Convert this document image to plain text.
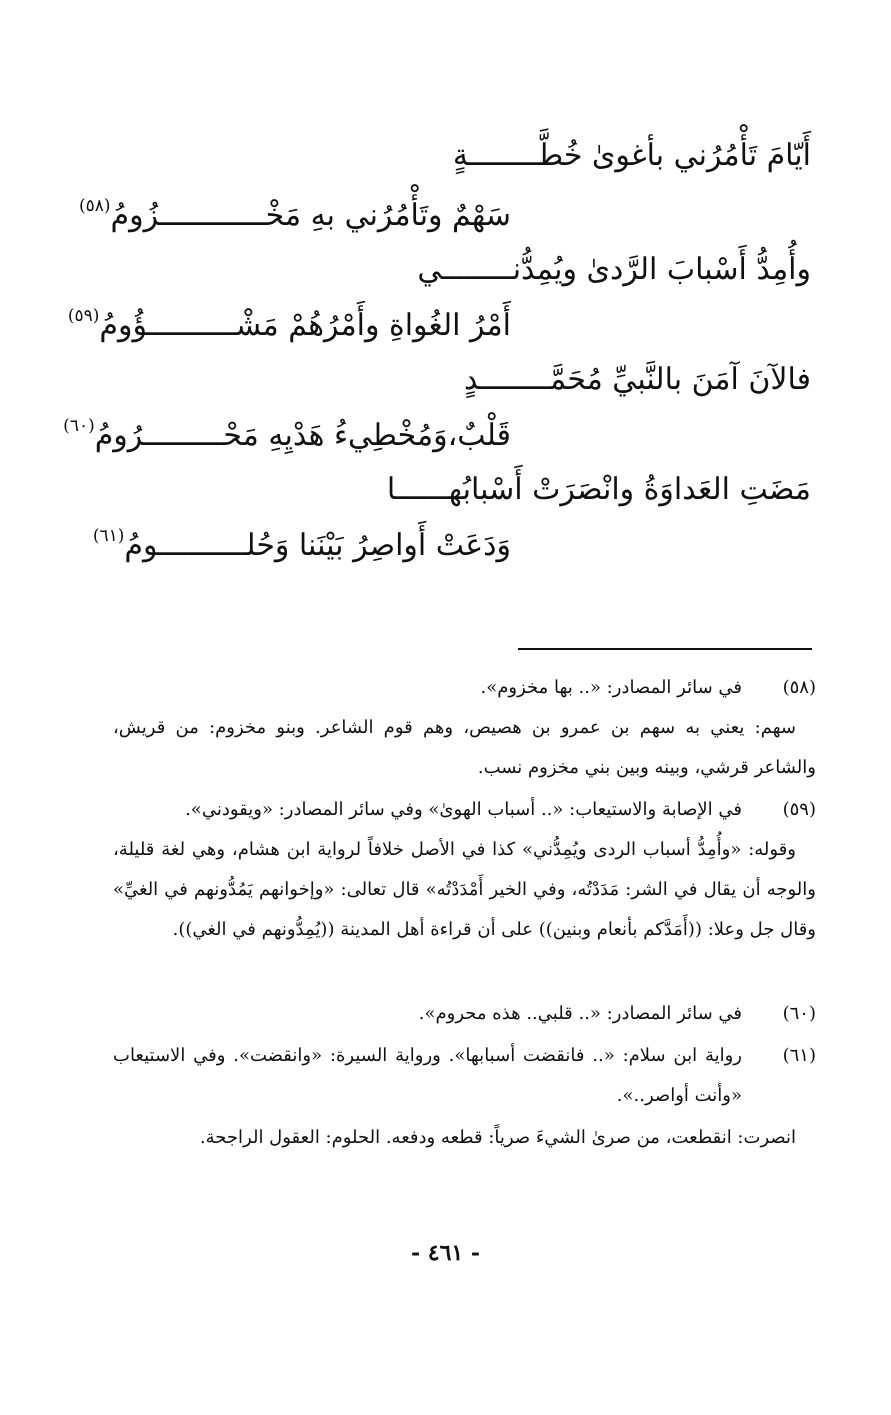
أَيّامَ تَأْمُرُني بأغوىٰ خُطَّــــــــةٍ
سَهْمٌ وتَأْمُرُني بهِ مَخْــــــــــــزُومُ$^{(٥٨)}$
وأُمِدُّ أَسْبابَ الرَّدىٰ ويُمِدُّنــــــــي
أَمْرُ الغُواةِ وأَمْرُهُمْ مَشْــــــــــؤُومُ$^{(٥٩)}$
فالآنَ آمَنَ بالنَّبيِّ مُحَمَّــــــــدٍ
قَلْبٌ،وَمُخْطِيءُ هَدْيِهِ مَحْـــــــــرُومُ$^{(٦٠)}$
مَضَتِ العَداوَةُ وانْصَرَتْ أَسْبابُهــــــا
وَدَعَتْ أَواصِرُ بَيْنَنا وَحُلــــــــــومُ$^{(٦١)}$
(٥٨)
في سائر المصادر: «.. بها مخزوم».
سهم: يعني به سهم بن عمرو بن هصيص، وهم قوم الشاعر. وبنو مخزوم: من قريش، والشاعر قرشي، وبينه وبين بني مخزوم نسب.
(٥٩)
في الإصابة والاستيعاب: «.. أسباب الهوىٰ» وفي سائر المصادر: «ويقودني».
وقوله: «وأُمِدُّ أسباب الردى ويُمِدُّني» كذا في الأصل خلافاً لرواية ابن هشام، وهي لغة قليلة، والوجه أن يقال في الشر: مَدَدْتُه، وفي الخير أَمْدَدْتُه» قال تعالى: «وإخوانهم يَمُدُّونهم في الغيِّ» وقال جل وعلا: ((أَمَدَّكم بأنعام وبنين)) على أن قراءة أهل المدينة ((يُمِدُّونهم في الغي)).
(٦٠)
في سائر المصادر: «.. قلبي.. هذه محروم».
(٦١)
رواية ابن سلام: «.. فانقضت أسبابها». ورواية السيرة: «وانقضت». وفي الاستيعاب «وأنت أواصر..».
انصرت: انقطعت، من صرىٰ الشيءَ صرياً: قطعه ودفعه. الحلوم: العقول الراجحة.
- ٤٦١ -
